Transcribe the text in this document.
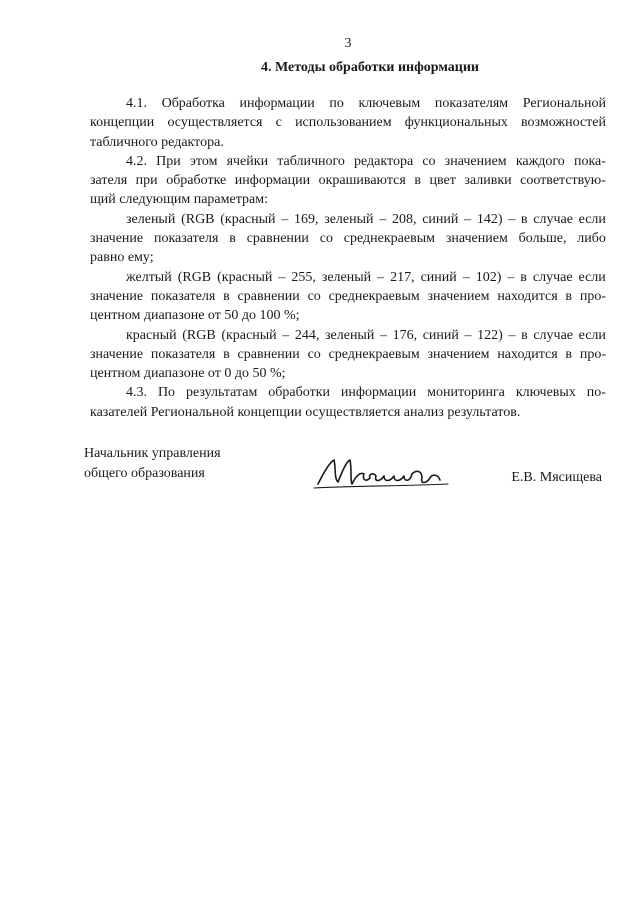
3
4. Методы обработки информации
4.1. Обработка информации по ключевым показателям Региональной
концепции осуществляется с использованием функциональных возможностей
табличного редактора.
4.2. При этом ячейки табличного редактора со значением каждого пока-
зателя при обработке информации окрашиваются в цвет заливки соответствую-
щий следующим параметрам:
зеленый (RGB (красный – 169, зеленый – 208, синий – 142) – в случае если
значение показателя в сравнении со среднекраевым значением больше, либо
равно ему;
желтый (RGB (красный – 255, зеленый – 217, синий – 102) – в случае если
значение показателя в сравнении со среднекраевым значением находится в про-
центном диапазоне от 50 до 100 %;
красный (RGB (красный – 244, зеленый – 176, синий – 122) – в случае если
значение показателя в сравнении со среднекраевым значением находится в про-
центном диапазоне от 0 до 50 %;
4.3. По результатам обработки информации мониторинга ключевых по-
казателей Региональной концепции осуществляется анализ результатов.
Начальник управления
общего образования	Е.В. Мясищева
